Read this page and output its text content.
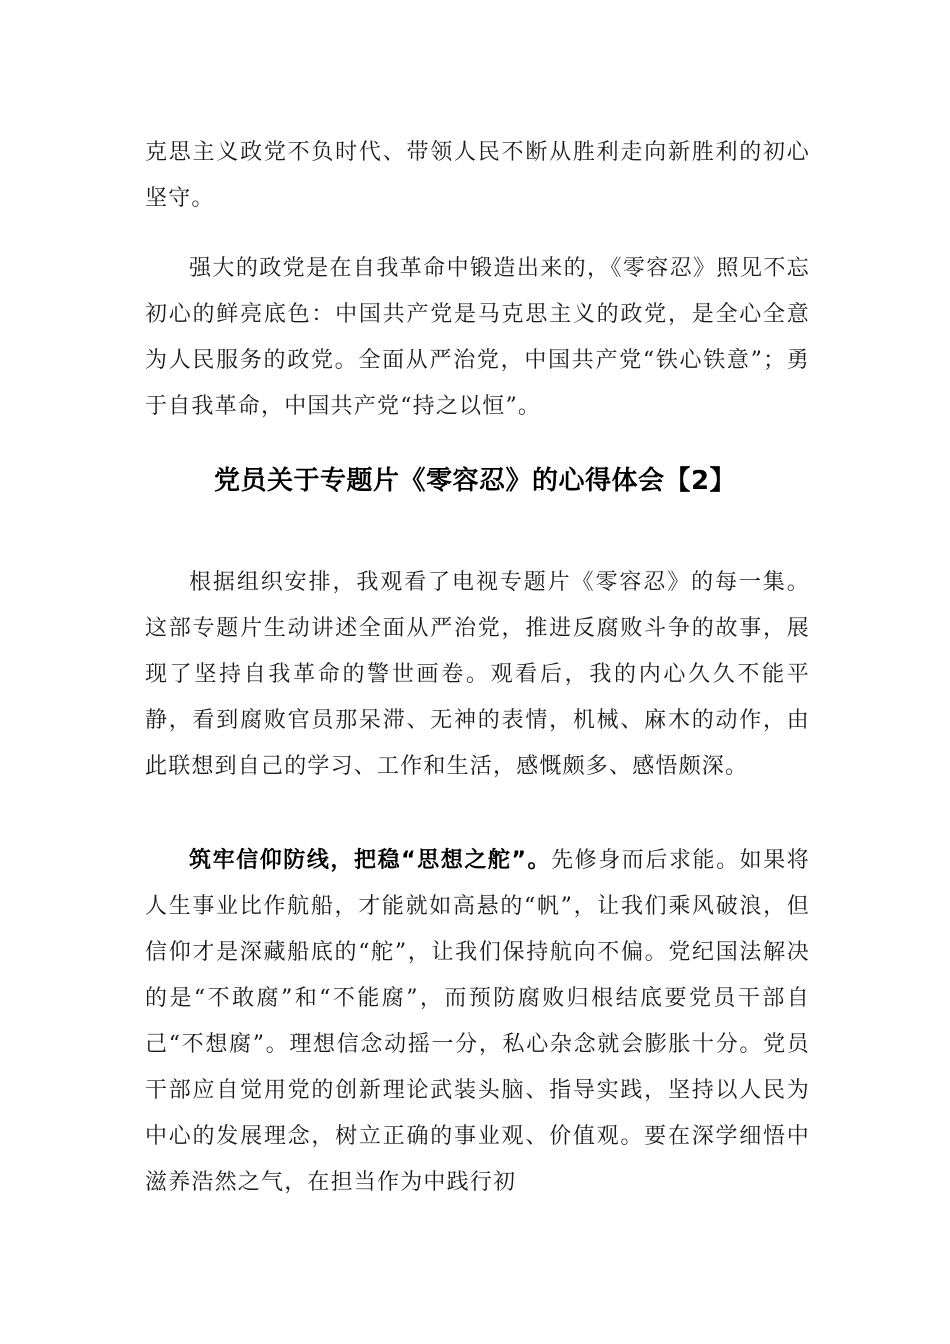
克思主义政党不负时代、带领人民不断从胜利走向新胜利的初心坚守。

强大的政党是在自我革命中锻造出来的，《零容忍》照见不忘初心的鲜亮底色：中国共产党是马克思主义的政党，是全心全意为人民服务的政党。全面从严治党，中国共产党“铁心铁意”；勇于自我革命，中国共产党“持之以恒”。

党员关于专题片《零容忍》的心得体会【2】

根据组织安排，我观看了电视专题片《零容忍》的每一集。这部专题片生动讲述全面从严治党，推进反腐败斗争的故事，展现了坚持自我革命的警世画卷。观看后，我的内心久久不能平静，看到腐败官员那呆滞、无神的表情，机械、麻木的动作，由此联想到自己的学习、工作和生活，感慨颇多、感悟颇深。

筑牢信仰防线，把稳“思想之舵”。先修身而后求能。如果将人生事业比作航船，才能就如高悬的“帆”，让我们乘风破浪，但信仰才是深藏船底的“舵”，让我们保持航向不偏。党纪国法解决的是“不敢腐”和“不能腐”，而预防腐败归根结底要党员干部自己“不想腐”。理想信念动摇一分，私心杂念就会膨胀十分。党员干部应自觉用党的创新理论武装头脑、指导实践，坚持以人民为中心的发展理念，树立正确的事业观、价值观。要在深学细悟中滋养浩然之气，在担当作为中践行初
